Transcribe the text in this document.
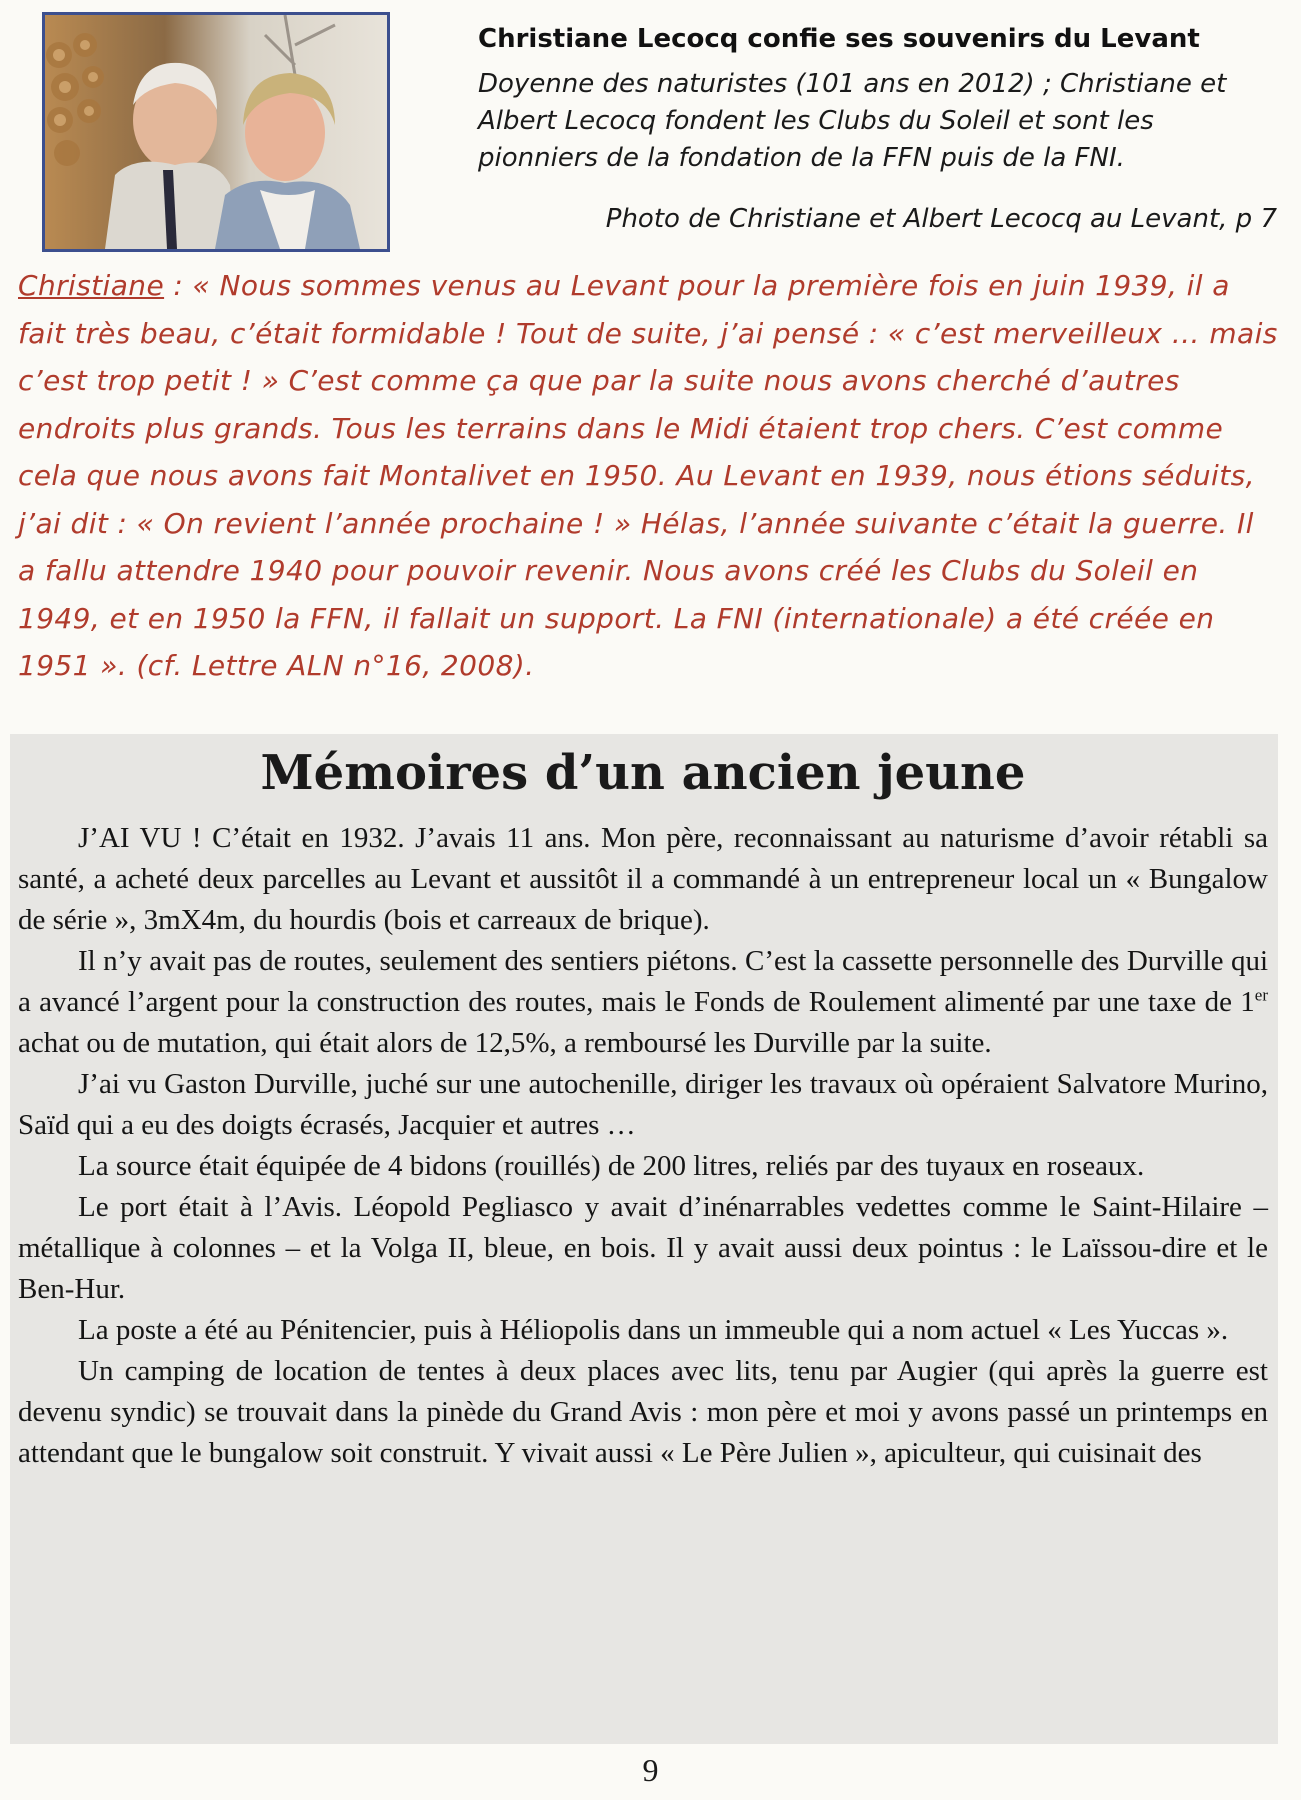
Christiane Lecocq confie ses souvenirs du Levant

Doyenne des naturistes (101 ans en 2012) ; Christiane et Albert Lecocq fondent les Clubs du Soleil et sont les pionniers de la fondation de la FFN puis de la FNI.

Photo de Christiane et Albert Lecocq au Levant, p 7

Christiane : « Nous sommes venus au Levant pour la première fois en juin 1939, il a fait très beau, c’était formidable ! Tout de suite, j’ai pensé : « c’est merveilleux … mais c’est trop petit ! » C’est comme ça que par la suite nous avons cherché d’autres endroits plus grands. Tous les terrains dans le Midi étaient trop chers. C’est comme cela que nous avons fait Montalivet en 1950. Au Levant en 1939, nous étions séduits, j’ai dit : « On revient l’année prochaine ! » Hélas, l’année suivante c’était la guerre. Il a fallu attendre 1940 pour pouvoir revenir. Nous avons créé les Clubs du Soleil en 1949, et en 1950 la FFN, il fallait un support. La FNI (internationale) a été créée en 1951 ». (cf. Lettre ALN n°16, 2008).

Mémoires d’un ancien jeune

J’AI VU ! C’était en 1932. J’avais 11 ans. Mon père, reconnaissant au naturisme d’avoir rétabli sa santé, a acheté deux parcelles au Levant et aussitôt il a commandé à un entrepreneur local un « Bungalow de série », 3mX4m, du hourdis (bois et carreaux de brique).

Il n’y avait pas de routes, seulement des sentiers piétons. C’est la cassette personnelle des Durville qui a avancé l’argent pour la construction des routes, mais le Fonds de Roulement alimenté par une taxe de 1er achat ou de mutation, qui était alors de 12,5%, a remboursé les Durville par la suite.

J’ai vu Gaston Durville, juché sur une autochenille, diriger les travaux où opéraient Salvatore Murino, Saïd qui a eu des doigts écrasés, Jacquier et autres …

La source était équipée de 4 bidons (rouillés) de 200 litres, reliés par des tuyaux en roseaux.

Le port était à l’Avis. Léopold Pegliasco y avait d’inénarrables vedettes comme le Saint-Hilaire – métallique à colonnes – et la Volga II, bleue, en bois. Il y avait aussi deux pointus : le Laïssou-dire et le Ben-Hur.

La poste a été au Pénitencier, puis à Héliopolis dans un immeuble qui a nom actuel « Les Yuccas ».

Un camping de location de tentes à deux places avec lits, tenu par Augier (qui après la guerre est devenu syndic) se trouvait dans la pinède du Grand Avis : mon père et moi y avons passé un printemps en attendant que le bungalow soit construit. Y vivait aussi « Le Père Julien », apiculteur, qui cuisinait des

9
